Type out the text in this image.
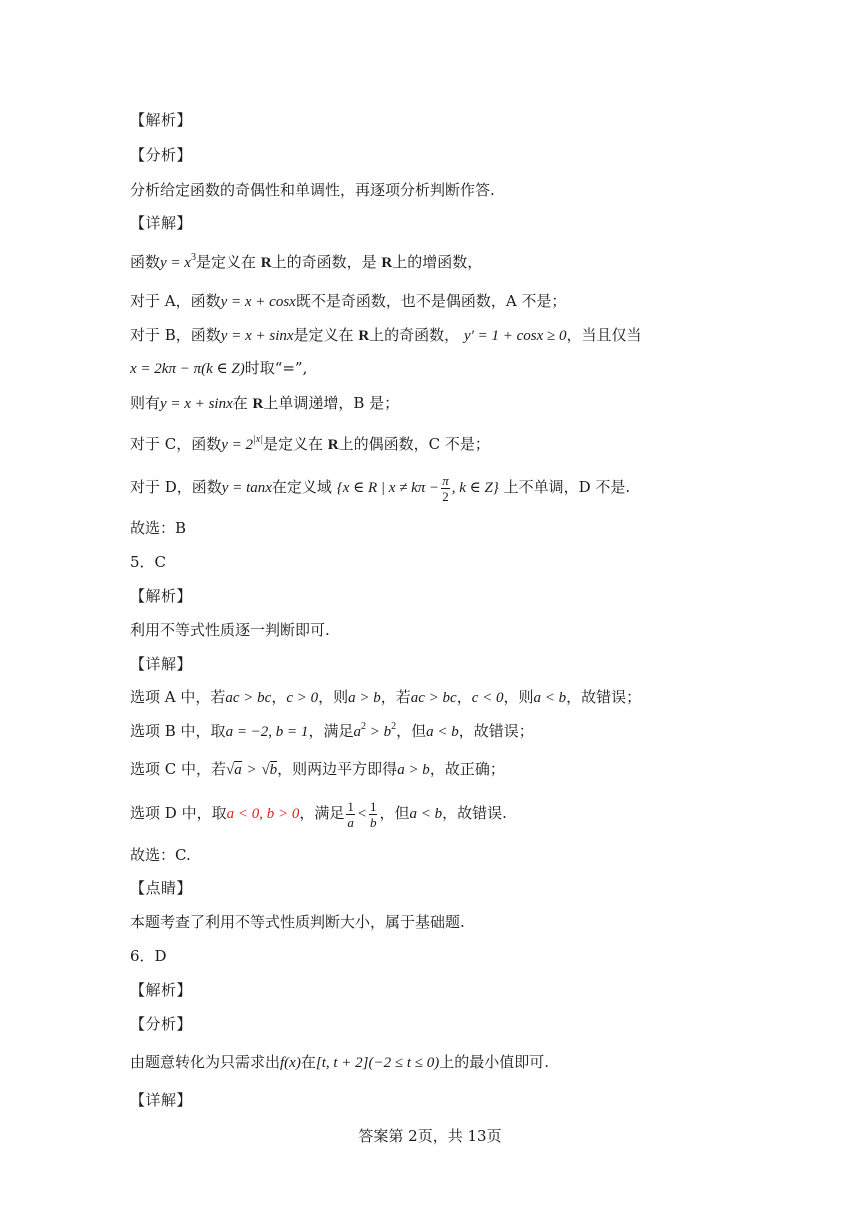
【解析】
【分析】
分析给定函数的奇偶性和单调性，再逐项分析判断作答.
【详解】
函数$y = x^3$是定义在 R上的奇函数，是 R上的增函数，
对于 A，函数y = x + cosx既不是奇函数，也不是偶函数，A 不是；
对于 B，函数y = x + sinx是定义在 R上的奇函数， y′ = 1 + cosx ≥ 0，当且仅当
x = 2kπ − π(k ∈ Z)时取“=”,
则有y = x + sinx在 R上单调递增，B 是；
对于 C，函数$y = 2^{|x|}$是定义在 R上的偶函数，C 不是；
对于 D，函数y = tanx在定义域 {x ∈ R | $x \ne k\pi - \frac{\pi}{2}$ , k ∈ Z} 上不单调，D 不是.
故选：B
5．C
【解析】
利用不等式性质逐一判断即可.
【详解】
选项 A 中，若ac > bc，c > 0，则a > b，若ac > bc，c < 0，则a < b，故错误；
选项 B 中，取a = −2, b = 1，满足$a^2 > b^2$，但a < b，故错误；
选项 C 中，若√a > √b，则两边平方即得a > b，故正确；
选项 D 中，取a < 0, b > 0，满足 $\frac{1}{a} < \frac{1}{b}$ ，但a < b，故错误.
故选：C.
【点睛】
本题考查了利用不等式性质判断大小，属于基础题.
6．D
【解析】
【分析】
由题意转化为只需求出f(x)在[t, t + 2](−2 ≤ t ≤ 0)上的最小值即可.
【详解】
答案第 2页，共 13页
